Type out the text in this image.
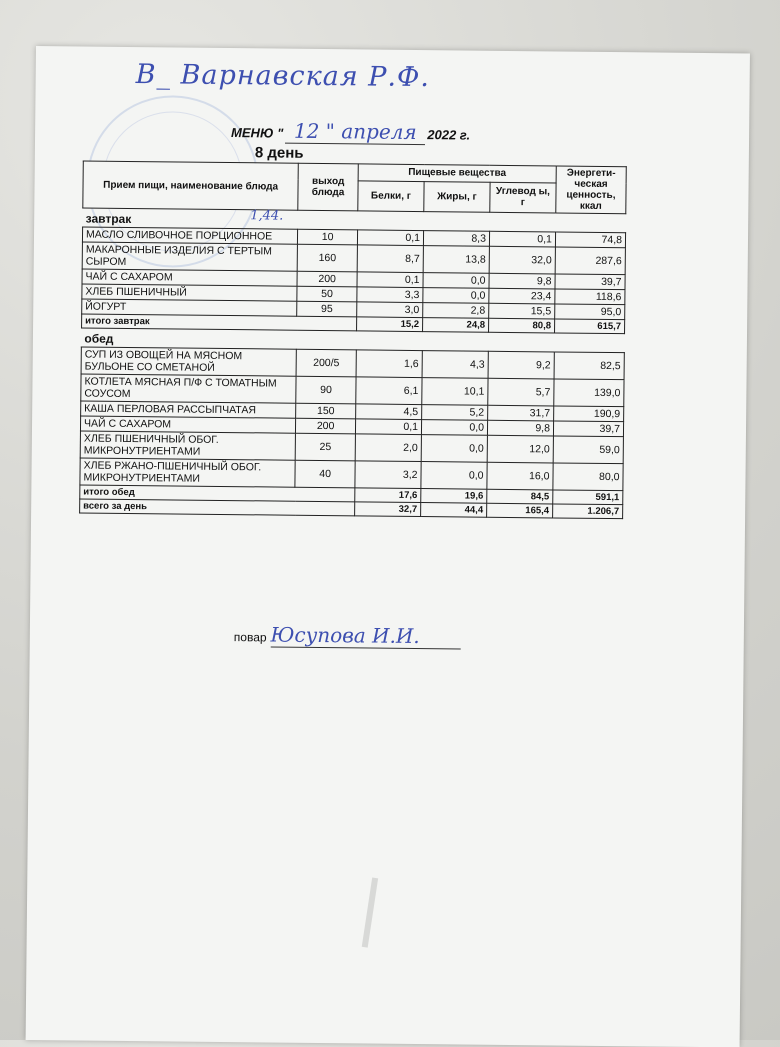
В_ Варнавская Р.Ф.
МЕНЮ " 12 " апреля 2022 г.
8 день
Прием пищи, наименование блюда	выход блюда	Пищевые вещества			Энергети-ческая ценность, ккал
		Белки, г	Жиры, г	Углевод ы, г	
завтрак					
МАСЛО СЛИВОЧНОЕ ПОРЦИОННОЕ	10	0,1	8,3	0,1	74,8
МАКАРОННЫЕ ИЗДЕЛИЯ С ТЕРТЫМ СЫРОМ	160	8,7	13,8	32,0	287,6
ЧАЙ С САХАРОМ	200	0,1	0,0	9,8	39,7
ХЛЕБ ПШЕНИЧНЫЙ	50	3,3	0,0	23,4	118,6
ЙОГУРТ	95	3,0	2,8	15,5	95,0
итого завтрак		15,2	24,8	80,8	615,7
обед					
СУП ИЗ ОВОЩЕЙ НА МЯСНОМ БУЛЬОНЕ СО СМЕТАНОЙ	200/5	1,6	4,3	9,2	82,5
КОТЛЕТА МЯСНАЯ П/Ф С ТОМАТНЫМ СОУСОМ	90	6,1	10,1	5,7	139,0
КАША ПЕРЛОВАЯ РАССЫПЧАТАЯ	150	4,5	5,2	31,7	190,9
ЧАЙ С САХАРОМ	200	0,1	0,0	9,8	39,7
ХЛЕБ ПШЕНИЧНЫЙ ОБОГ. МИКРОНУТРИЕНТАМИ	25	2,0	0,0	12,0	59,0
ХЛЕБ РЖАНО-ПШЕНИЧНЫЙ ОБОГ. МИКРОНУТРИЕНТАМИ	40	3,2	0,0	16,0	80,0
итого обед		17,6	19,6	84,5	591,1
всего за день		32,7	44,4	165,4	1.206,7
1,44.
повар Юсупова И.И.
